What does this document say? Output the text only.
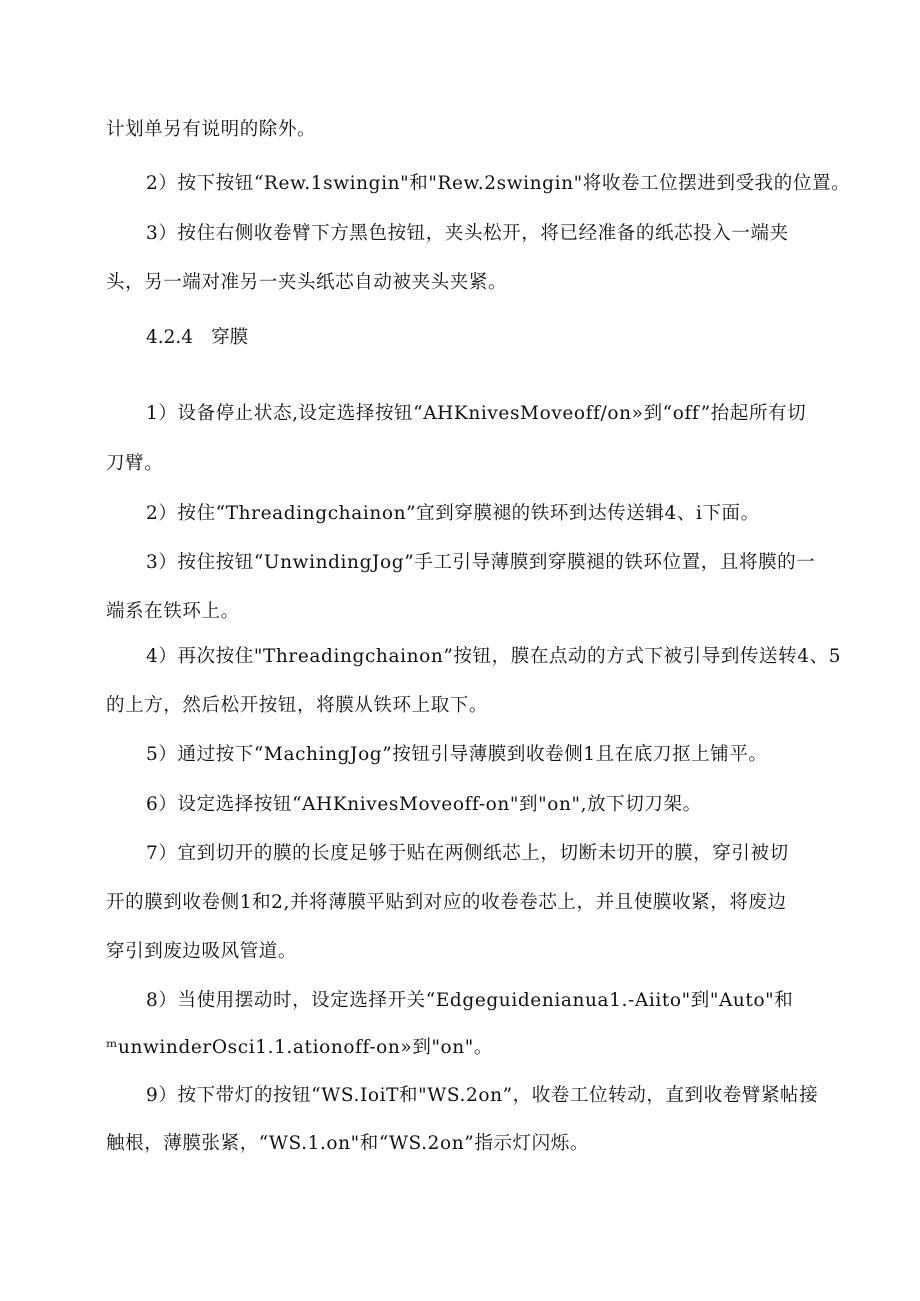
计划单另有说明的除外。
2）按下按钮“Rew.1swingin"和"Rew.2swingin"将收卷工位摆进到受我的位置。
3）按住右侧收卷臂下方黑色按钮，夹头松开，将已经准备的纸芯投入一端夹
头，另一端对准另一夹头纸芯自动被夹头夹紧。
4.2.4 穿膜
1）设备停止状态,设定选择按钮“AHKnivesMoveoff/on»到“off”抬起所有切
刀臂。
2）按住“Threadingchainon”宜到穿膜褪的铁环到达传送辑4、i下面。
3）按住按钮“UnwindingJog”手工引导薄膜到穿膜褪的铁环位置，且将膜的一
端系在铁环上。
4）再次按住"Threadingchainon”按钮，膜在点动的方式下被引导到传送转4、5
的上方，然后松开按钮，将膜从铁环上取下。
5）通过按下“MachingJog”按钮引导薄膜到收卷侧1且在底刀抠上铺平。
6）设定选择按钮“AHKnivesMoveoff-on"到"on",放下切刀架。
7）宜到切开的膜的长度足够于贴在两侧纸芯上，切断未切开的膜，穿引被切
开的膜到收卷侧1和2,并将薄膜平贴到对应的收卷卷芯上，并且使膜收紧，将废边
穿引到废边吸风管道。
8）当使用摆动时，设定选择开关“Edgeguidenianua1.-Aiito"到"Auto"和
ᵐunwinderOsci1.1.ationoff-on»到"on"。
9）按下带灯的按钮“WS.IoiT和"WS.2on”，收卷工位转动，直到收卷臂紧帖接
触根，薄膜张紧，“WS.1.on"和“WS.2on”指示灯闪烁。
